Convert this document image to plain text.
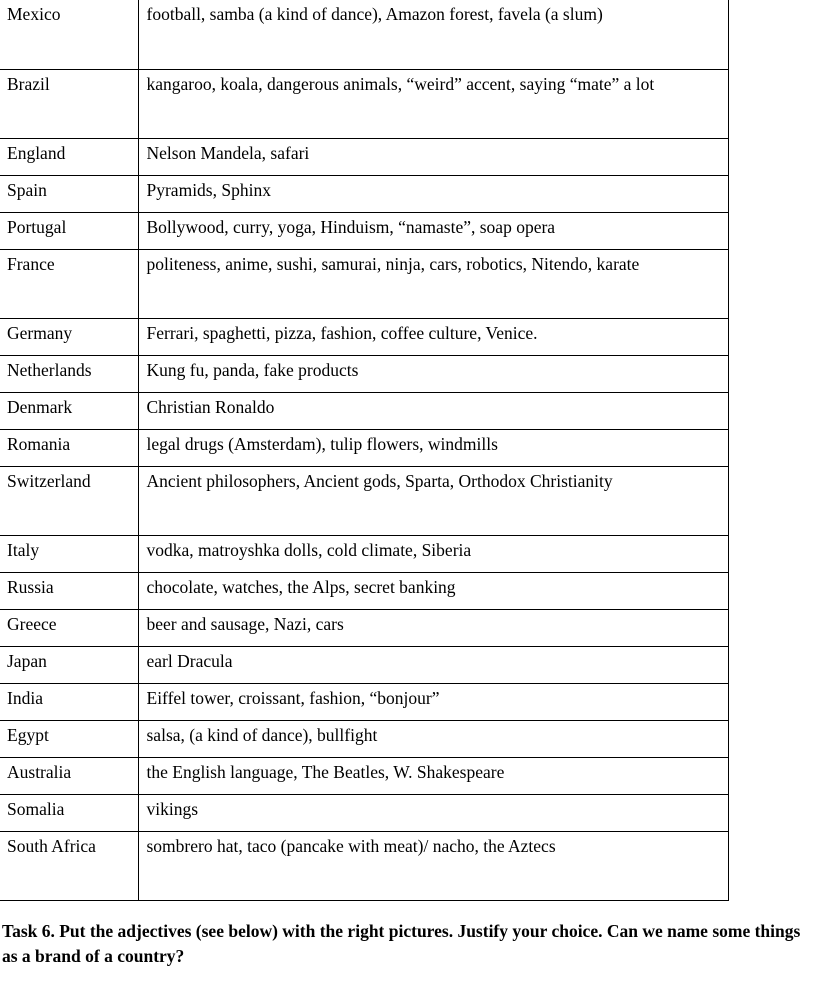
Mexico	football, samba (a kind of dance), Amazon forest, favela (a slum)
Brazil	kangaroo, koala, dangerous animals, “weird” accent, saying “mate” a lot
England	Nelson Mandela, safari
Spain	Pyramids, Sphinx
Portugal	Bollywood, curry, yoga, Hinduism, “namaste”, soap opera
France	politeness, anime, sushi, samurai, ninja, cars, robotics, Nitendo, karate
Germany	Ferrari, spaghetti, pizza, fashion, coffee culture, Venice.
Netherlands	Kung fu, panda, fake products
Denmark	Christian Ronaldo
Romania	legal drugs (Amsterdam), tulip flowers, windmills
Switzerland	Ancient philosophers, Ancient gods, Sparta, Orthodox Christianity
Italy	vodka, matroyshka dolls, cold climate, Siberia
Russia	chocolate, watches, the Alps, secret banking
Greece	beer and sausage, Nazi, cars
Japan	earl Dracula
India	Eiffel tower, croissant, fashion, “bonjour”
Egypt	salsa, (a kind of dance), bullfight
Australia	the English language, The Beatles, W. Shakespeare
Somalia	vikings
South Africa	sombrero hat, taco (pancake with meat)/ nacho, the Aztecs
Task 6. Put the adjectives (see below) with the right pictures. Justify your choice. Can we name some things as a brand of a country?
